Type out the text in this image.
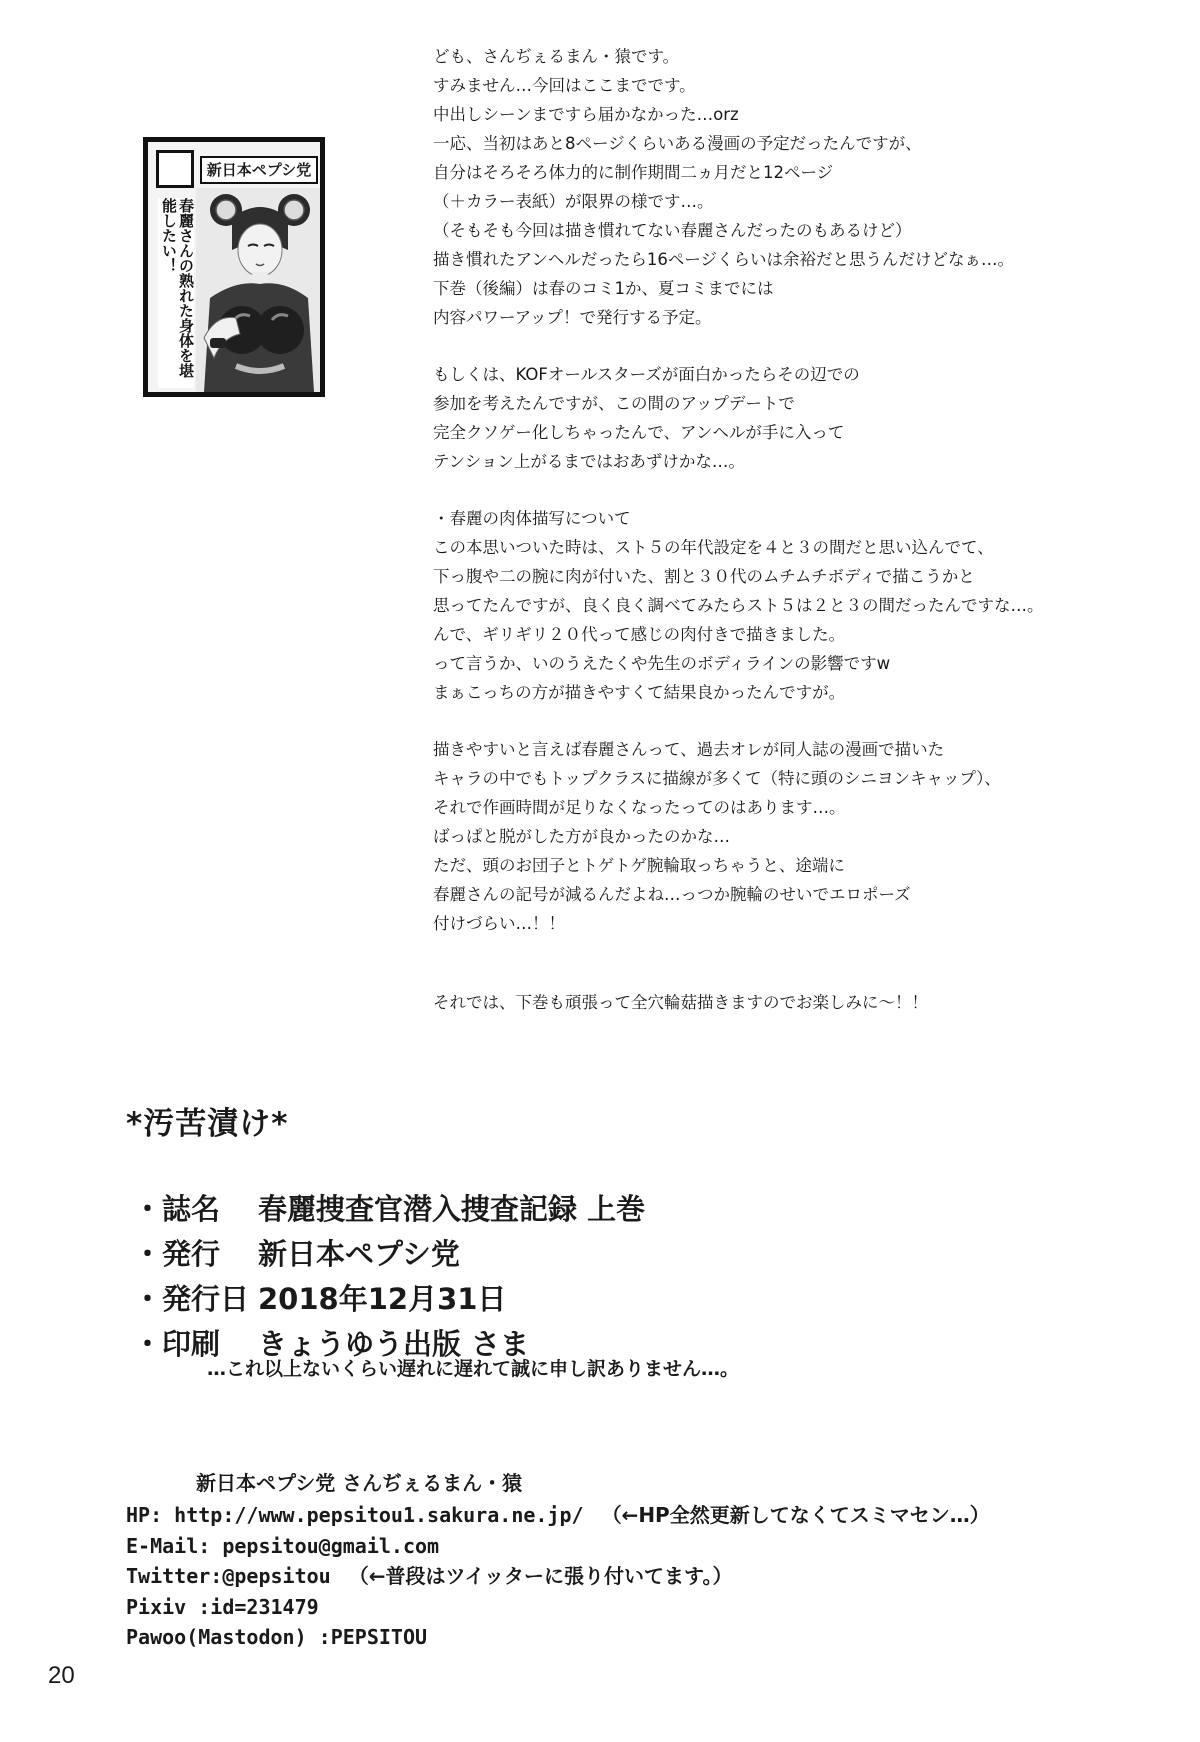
新日本ペプシ党
春麗さんの熟れた身体を堪能したい！

ども、さんぢぇるまん・猿です。

すみません…今回はここまでです。

中出しシーンまですら届かなかった…orz

一応、当初はあと8ページくらいある漫画の予定だったんですが、

自分はそろそろ体力的に制作期間二ヵ月だと12ページ

（＋カラー表紙）が限界の様です…。

（そもそも今回は描き慣れてない春麗さんだったのもあるけど）

描き慣れたアンヘルだったら16ページくらいは余裕だと思うんだけどなぁ…。

下巻（後編）は春のコミ1か、夏コミまでには

内容パワーアップ！で発行する予定。

もしくは、KOFオールスターズが面白かったらその辺での

参加を考えたんですが、この間のアップデートで

完全クソゲー化しちゃったんで、アンヘルが手に入って

テンション上がるまではおあずけかな…。

・春麗の肉体描写について

この本思いついた時は、スト５の年代設定を４と３の間だと思い込んでて、

下っ腹や二の腕に肉が付いた、割と３０代のムチムチボディで描こうかと

思ってたんですが、良く良く調べてみたらスト５は２と３の間だったんですな…。

んで、ギリギリ２０代って感じの肉付きで描きました。

って言うか、いのうえたくや先生のボディラインの影響ですw

まぁこっちの方が描きやすくて結果良かったんですが。

描きやすいと言えば春麗さんって、過去オレが同人誌の漫画で描いた

キャラの中でもトップクラスに描線が多くて（特に頭のシニヨンキャップ）、

それで作画時間が足りなくなったってのはあります…。

ばっぱと脱がした方が良かったのかな…

ただ、頭のお団子とトゲトゲ腕輪取っちゃうと、途端に

春麗さんの記号が減るんだよね…っつか腕輪のせいでエロポーズ

付けづらい…！！

それでは、下巻も頑張って全穴輪菇描きますのでお楽しみに～！！

*汚苦漬け*
・誌名 春麗捜査官潜入捜査記録 上巻
・発行 新日本ペプシ党
・発行日 2018年12月31日
・印刷 きょうゆう出版 さま
…これ以上ないくらい遅れに遅れて誠に申し訳ありません…。
新日本ペプシ党 さんぢぇるまん・猿
HP: http://www.pepsitou1.sakura.ne.jp/ （←HP全然更新してなくてスミマセン…）
E-Mail: pepsitou@gmail.com
Twitter:@pepsitou （←普段はツイッターに張り付いてます。）
Pixiv :id=231479
Pawoo(Mastodon) :PEPSITOU
20
